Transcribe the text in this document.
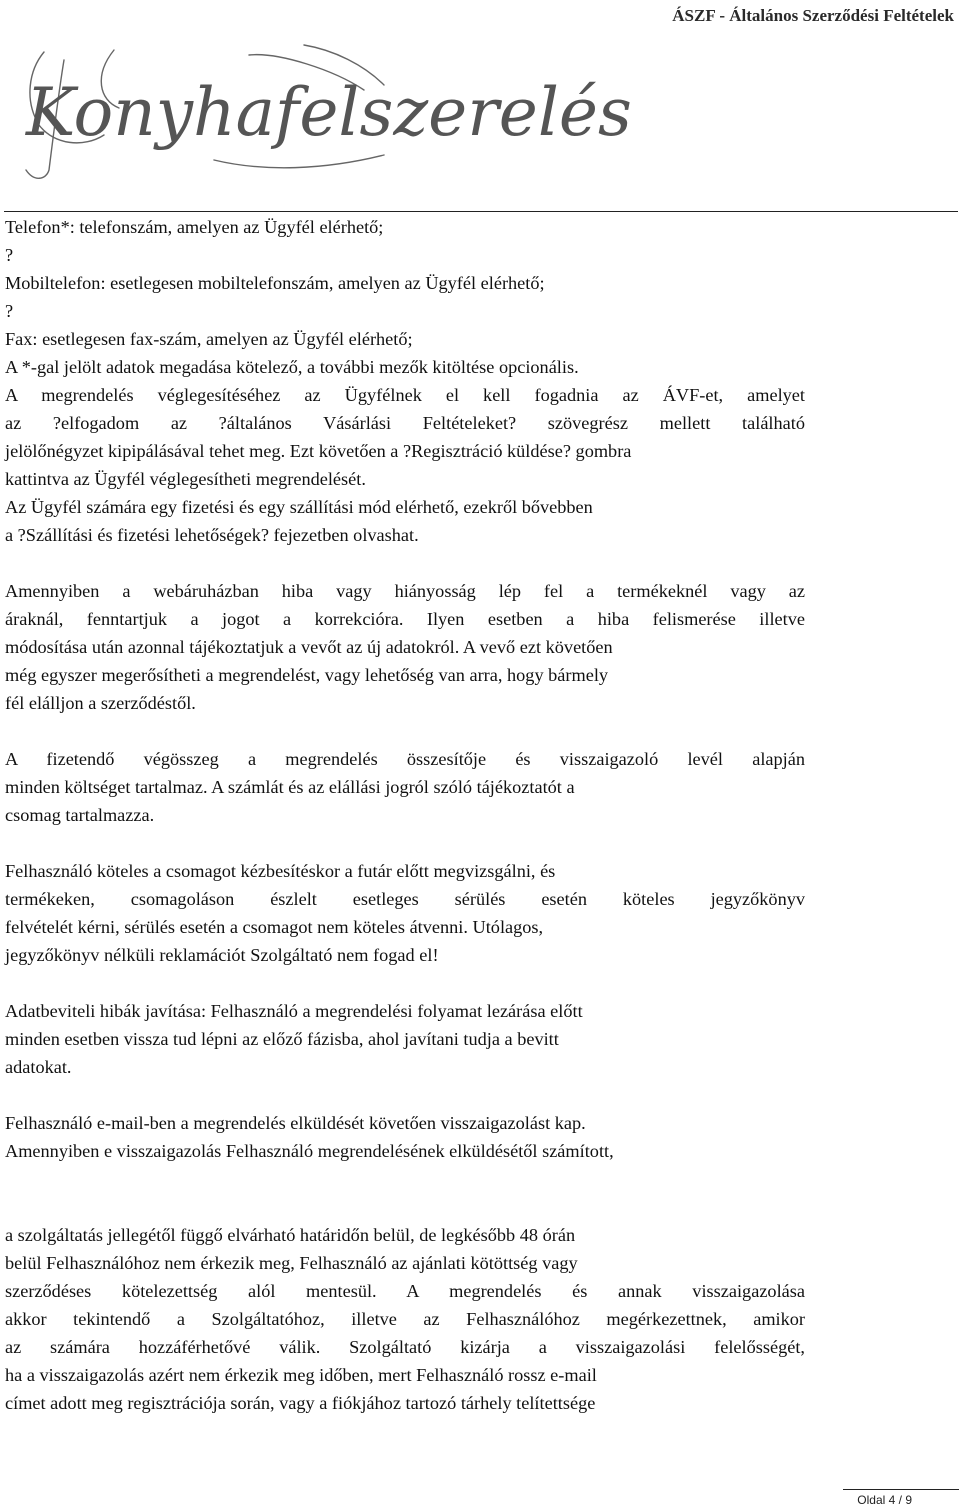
ÁSZF - Általános Szerződési Feltételek
Konyhafelszerelés
Telefon*: telefonszám, amelyen az Ügyfél elérhető;
?
Mobiltelefon: esetlegesen mobiltelefonszám, amelyen az Ügyfél elérhető;
?
Fax: esetlegesen fax-szám, amelyen az Ügyfél elérhető;
A *-gal jelölt adatok megadása kötelező, a további mezők kitöltése opcionális.
A megrendelés véglegesítéséhez az Ügyfélnek el kell fogadnia az ÁVF-et, amelyet
az ?elfogadom az ?általános Vásárlási Feltételeket? szövegrész mellett található
jelölőnégyzet kipipálásával tehet meg. Ezt követően a ?Regisztráció küldése? gombra
kattintva az Ügyfél véglegesítheti megrendelését.
Az Ügyfél számára egy fizetési és egy szállítási mód elérhető, ezekről bővebben
a ?Szállítási és fizetési lehetőségek? fejezetben olvashat.
Amennyiben a webáruházban hiba vagy hiányosság lép fel a termékeknél vagy az
áraknál, fenntartjuk a jogot a korrekcióra. Ilyen esetben a hiba felismerése illetve
módosítása után azonnal tájékoztatjuk a vevőt az új adatokról. A vevő ezt követően
még egyszer megerősítheti a megrendelést, vagy lehetőség van arra, hogy bármely
fél elálljon a szerződéstől.
A fizetendő végösszeg a megrendelés összesítője és visszaigazoló levél alapján
minden költséget tartalmaz. A számlát és az elállási jogról szóló tájékoztatót a
csomag tartalmazza.
Felhasználó köteles a csomagot kézbesítéskor a futár előtt megvizsgálni, és
termékeken, csomagoláson észlelt esetleges sérülés esetén köteles jegyzőkönyv
felvételét kérni, sérülés esetén a csomagot nem köteles átvenni. Utólagos,
jegyzőkönyv nélküli reklamációt Szolgáltató nem fogad el!
Adatbeviteli hibák javítása: Felhasználó a megrendelési folyamat lezárása előtt
minden esetben vissza tud lépni az előző fázisba, ahol javítani tudja a bevitt
adatokat.
Felhasználó e-mail-ben a megrendelés elküldését követően visszaigazolást kap.
Amennyiben e visszaigazolás Felhasználó megrendelésének elküldésétől számított,
a szolgáltatás jellegétől függő elvárható határidőn belül, de legkésőbb 48 órán
belül Felhasználóhoz nem érkezik meg, Felhasználó az ajánlati kötöttség vagy
szerződéses kötelezettség alól mentesül. A megrendelés és annak visszaigazolása
akkor tekintendő a Szolgáltatóhoz, illetve az Felhasználóhoz megérkezettnek, amikor
az számára hozzáférhetővé válik. Szolgáltató kizárja a visszaigazolási felelősségét,
ha a visszaigazolás azért nem érkezik meg időben, mert Felhasználó rossz e-mail
címet adott meg regisztrációja során, vagy a fiókjához tartozó tárhely telítettsége
Oldal 4 / 9
